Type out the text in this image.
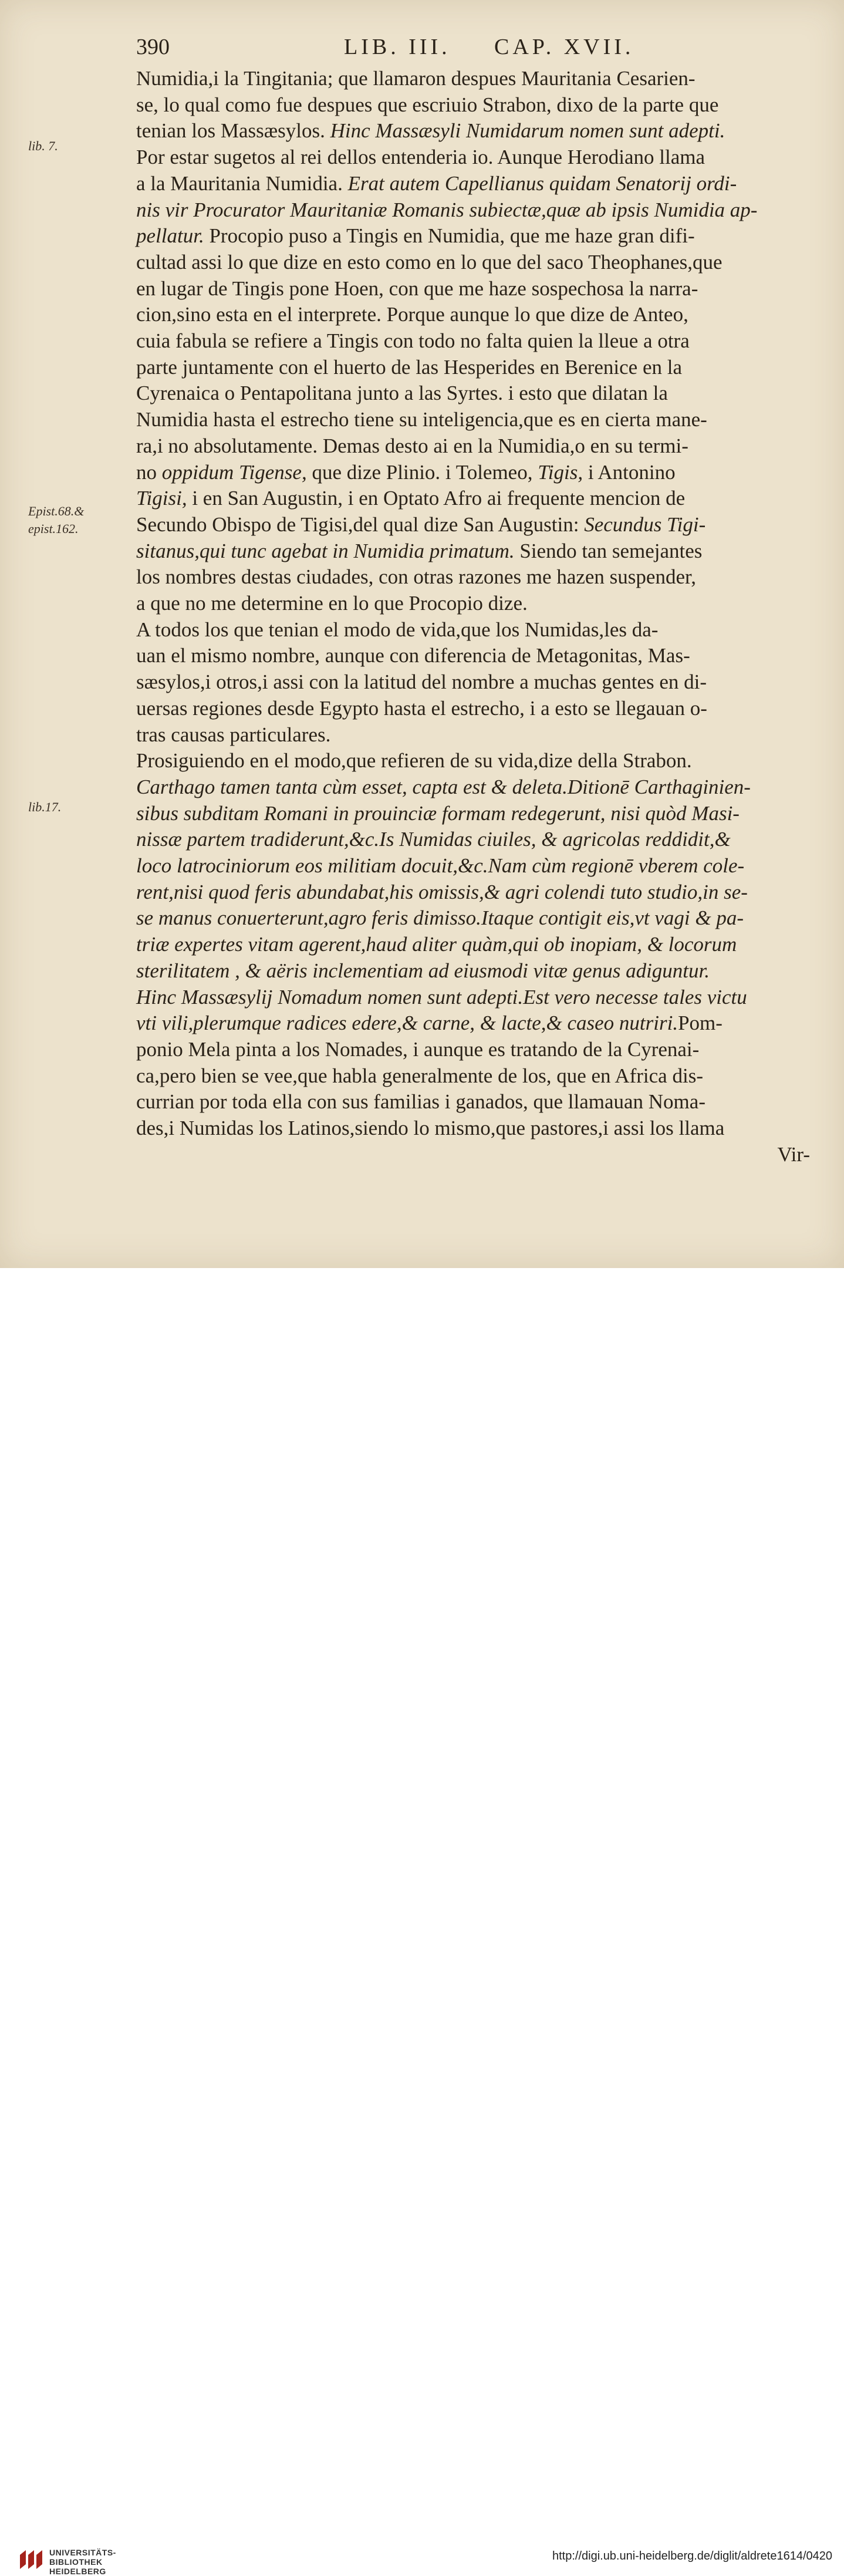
390	LIB. III. CAP. XVII.
Numidia,i la Tingitania; que llamaron despues Mauritania Cesarien-
se, lo qual como fue despues que escriuio Strabon, dixo de la parte que
tenian los Massæsylos. Hinc Massæsyli Numidarum nomen sunt adepti.
Por estar sugetos al rei dellos entenderia io. Aunque Herodiano llama
a la Mauritania Numidia. Erat autem Capellianus quidam Senatorij ordi-
nis vir Procurator Mauritaniæ Romanis subiectæ,quæ ab ipsis Numidia ap-
pellatur. Procopio puso a Tingis en Numidia, que me haze gran difi-
cultad assi lo que dize en esto como en lo que del saco Theophanes,que
en lugar de Tingis pone Hoen, con que me haze sospechosa la narra-
cion,sino esta en el interprete. Porque aunque lo que dize de Anteo,
cuia fabula se refiere a Tingis con todo no falta quien la lleue a otra
parte juntamente con el huerto de las Hesperides en Berenice en la
Cyrenaica o Pentapolitana junto a las Syrtes. i esto que dilatan la
Numidia hasta el estrecho tiene su inteligencia,que es en cierta mane-
ra,i no absolutamente. Demas desto ai en la Numidia,o en su termi-
no oppidum Tigense, que dize Plinio. i Tolemeo, Tigis, i Antonino
Tigisi, i en San Augustin, i en Optato Afro ai frequente mencion de
Secundo Obispo de Tigisi,del qual dize San Augustin: Secundus Tigi-
sitanus,qui tunc agebat in Numidia primatum. Siendo tan semejantes
los nombres destas ciudades, con otras razones me hazen suspender,
a que no me determine en lo que Procopio dize.
A todos los que tenian el modo de vida,que los Numidas,les da-
uan el mismo nombre, aunque con diferencia de Metagonitas, Mas-
sæsylos,i otros,i assi con la latitud del nombre a muchas gentes en di-
uersas regiones desde Egypto hasta el estrecho, i a esto se llegauan o-
tras causas particulares.
Prosiguiendo en el modo,que refieren de su vida,dize della Strabon.
Carthago tamen tanta cùm esset, capta est & deleta.Ditionē Carthaginien-
sibus subditam Romani in prouinciæ formam redegerunt, nisi quòd Masi-
nissæ partem tradiderunt,&c.Is Numidas ciuiles, & agricolas reddidit,&
loco latrociniorum eos militiam docuit,&c.Nam cùm regionē vberem cole-
rent,nisi quod feris abundabat,his omissis,& agri colendi tuto studio,in se-
se manus conuerterunt,agro feris dimisso.Itaque contigit eis,vt vagi & pa-
triæ expertes vitam agerent,haud aliter quàm,qui ob inopiam, & locorum
sterilitatem , & aëris inclementiam ad eiusmodi vitæ genus adiguntur.
Hinc Massæsylij Nomadum nomen sunt adepti.Est vero necesse tales victu
vti vili,plerumque radices edere,& carne, & lacte,& caseo nutriri.Pom-
ponio Mela pinta a los Nomades, i aunque es tratando de la Cyrenai-
ca,pero bien se vee,que habla generalmente de los, que en Africa dis-
currian por toda ella con sus familias i ganados, que llamauan Noma-
des,i Numidas los Latinos,siendo lo mismo,que pastores,i assi los llama
Vir-
lib. 7.
Epist.68.&
epist.162.
lib.17.
UNIVERSITÄTS-
BIBLIOTHEK
HEIDELBERG
http://digi.ub.uni-heidelberg.de/diglit/aldrete1614/0420
